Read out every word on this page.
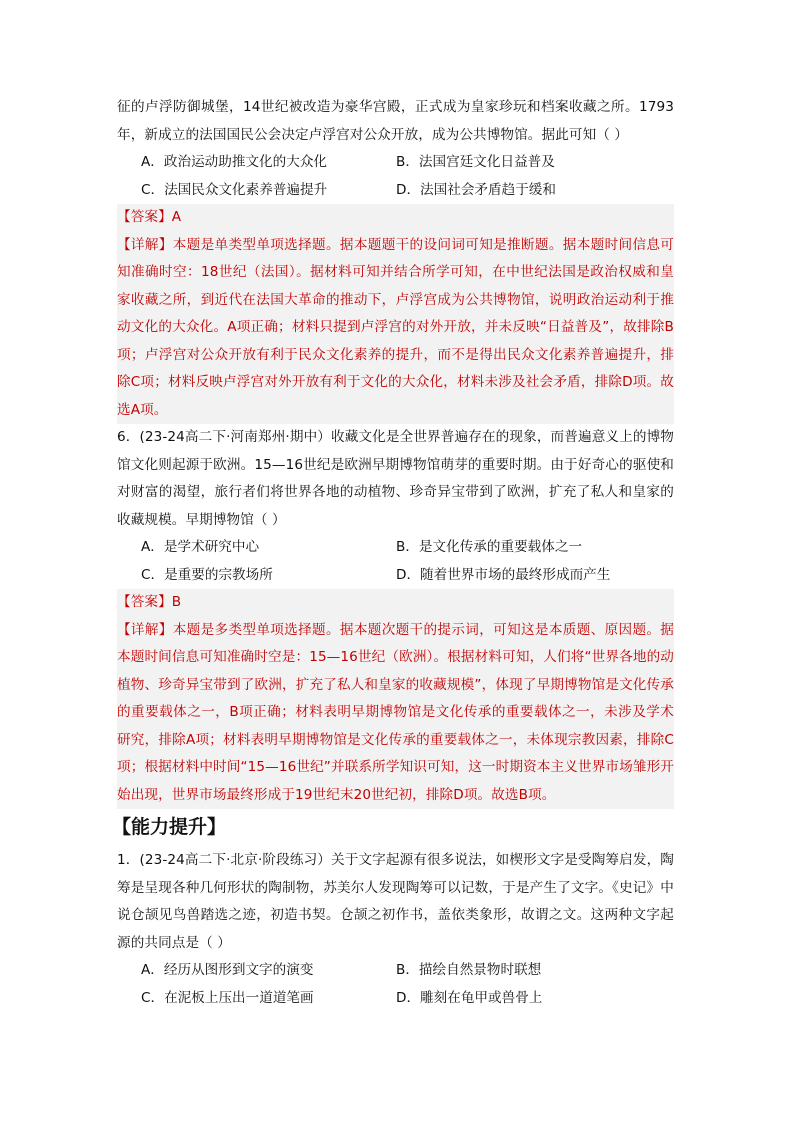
征的卢浮防御城堡，14世纪被改造为豪华宫殿，正式成为皇家珍玩和档案收藏之所。1793年，新成立的法国国民公会决定卢浮宫对公众开放，成为公共博物馆。据此可知（ ）

A．政治运动助推文化的大众化	B．法国宫廷文化日益普及
C．法国民众文化素养普遍提升	D．法国社会矛盾趋于缓和

【答案】A

【详解】本题是单类型单项选择题。据本题题干的设问词可知是推断题。据本题时间信息可知准确时空：18世纪（法国）。据材料可知并结合所学可知，在中世纪法国是政治权威和皇家收藏之所，到近代在法国大革命的推动下，卢浮宫成为公共博物馆，说明政治运动利于推动文化的大众化。A项正确；材料只提到卢浮宫的对外开放，并未反映“日益普及”，故排除B项；卢浮宫对公众开放有利于民众文化素养的提升，而不是得出民众文化素养普遍提升，排除C项；材料反映卢浮宫对外开放有利于文化的大众化，材料未涉及社会矛盾，排除D项。故选A项。

6．(23-24高二下·河南郑州·期中）收藏文化是全世界普遍存在的现象，而普遍意义上的博物馆文化则起源于欧洲。15—16世纪是欧洲早期博物馆萌芽的重要时期。由于好奇心的驱使和对财富的渴望，旅行者们将世界各地的动植物、珍奇异宝带到了欧洲，扩充了私人和皇家的收藏规模。早期博物馆（ ）

A．是学术研究中心	B．是文化传承的重要载体之一
C．是重要的宗教场所	D．随着世界市场的最终形成而产生

【答案】B

【详解】本题是多类型单项选择题。据本题次题干的提示词，可知这是本质题、原因题。据本题时间信息可知准确时空是：15—16世纪（欧洲）。根据材料可知，人们将“世界各地的动植物、珍奇异宝带到了欧洲，扩充了私人和皇家的收藏规模”，体现了早期博物馆是文化传承的重要载体之一，B项正确；材料表明早期博物馆是文化传承的重要载体之一，未涉及学术研究，排除A项；材料表明早期博物馆是文化传承的重要载体之一，未体现宗教因素，排除C项；根据材料中时间“15—16世纪”并联系所学知识可知，这一时期资本主义世界市场雏形开始出现，世界市场最终形成于19世纪末20世纪初，排除D项。故选B项。

【能力提升】

1．(23-24高二下·北京·阶段练习）关于文字起源有很多说法，如楔形文字是受陶筹启发，陶筹是呈现各种几何形状的陶制物，苏美尔人发现陶筹可以记数，于是产生了文字。《史记》中说仓颉见鸟兽踏选之迹，初造书契。仓颉之初作书，盖依类象形，故谓之文。这两种文字起源的共同点是（ ）

A．经历从图形到文字的演变	B．描绘自然景物时联想
C．在泥板上压出一道道笔画	D．雕刻在龟甲或兽骨上
